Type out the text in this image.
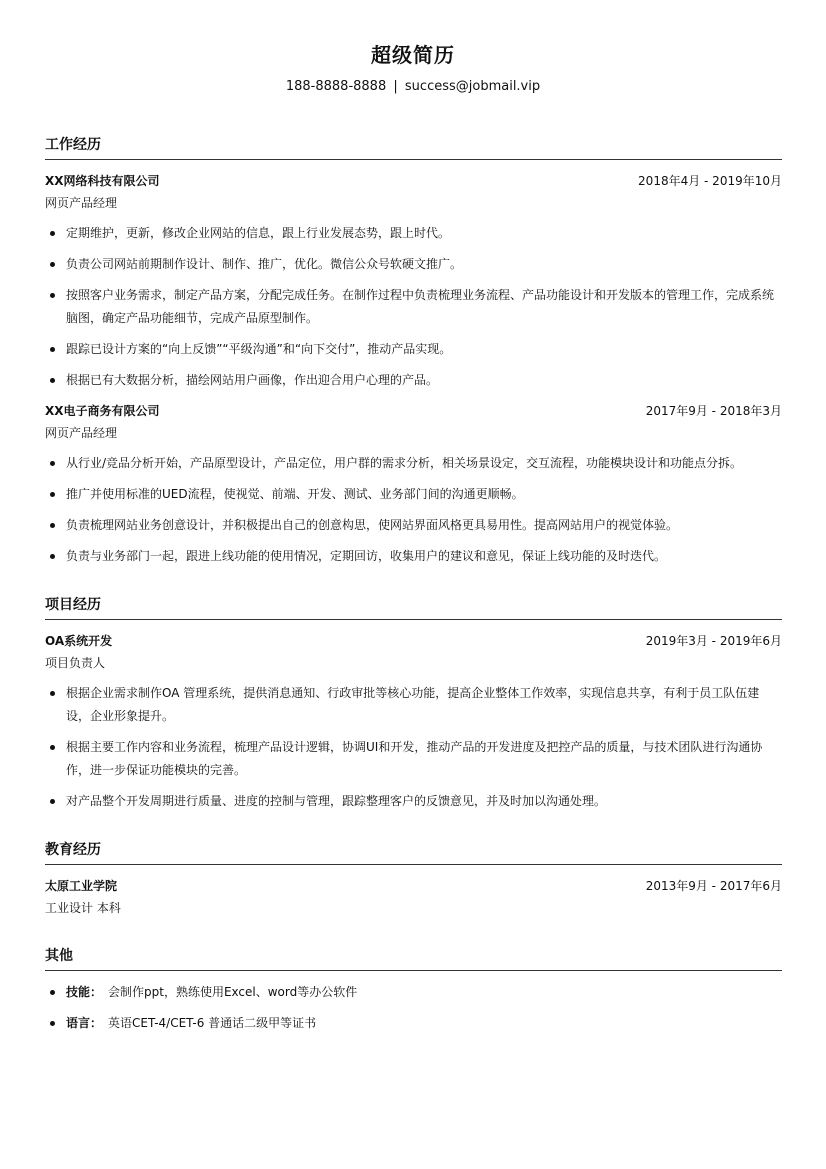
超级简历
188-8888-8888 | success@jobmail.vip
工作经历
XX网络科技有限公司	2018年4月 - 2019年10月
网页产品经理
定期维护，更新，修改企业网站的信息，跟上行业发展态势，跟上时代。
负责公司网站前期制作设计、制作、推广，优化。微信公众号软硬文推广。
按照客户业务需求，制定产品方案，分配完成任务。在制作过程中负责梳理业务流程、产品功能设计和开发版本的管理工作，完成系统脑图，确定产品功能细节，完成产品原型制作。
跟踪已设计方案的“向上反馈”“平级沟通”和“向下交付”，推动产品实现。
根据已有大数据分析，描绘网站用户画像，作出迎合用户心理的产品。
XX电子商务有限公司	2017年9月 - 2018年3月
网页产品经理
从行业/竞品分析开始，产品原型设计，产品定位，用户群的需求分析，相关场景设定，交互流程，功能模块设计和功能点分拆。
推广并使用标准的UED流程，使视觉、前端、开发、测试、业务部门间的沟通更顺畅。
负责梳理网站业务创意设计，并积极提出自己的创意构思，使网站界面风格更具易用性。提高网站用户的视觉体验。
负责与业务部门一起，跟进上线功能的使用情况，定期回访，收集用户的建议和意见，保证上线功能的及时迭代。
项目经历
OA系统开发	2019年3月 - 2019年6月
项目负责人
根据企业需求制作OA 管理系统，提供消息通知、行政审批等核心功能，提高企业整体工作效率，实现信息共享，有利于员工队伍建设，企业形象提升。
根据主要工作内容和业务流程，梳理产品设计逻辑，协调UI和开发，推动产品的开发进度及把控产品的质量，与技术团队进行沟通协作，进一步保证功能模块的完善。
对产品整个开发周期进行质量、进度的控制与管理，跟踪整理客户的反馈意见，并及时加以沟通处理。
教育经历
太原工业学院	2013年9月 - 2017年6月
工业设计 本科
其他
技能： 会制作ppt，熟练使用Excel、word等办公软件
语言： 英语CET-4/CET-6 普通话二级甲等证书
